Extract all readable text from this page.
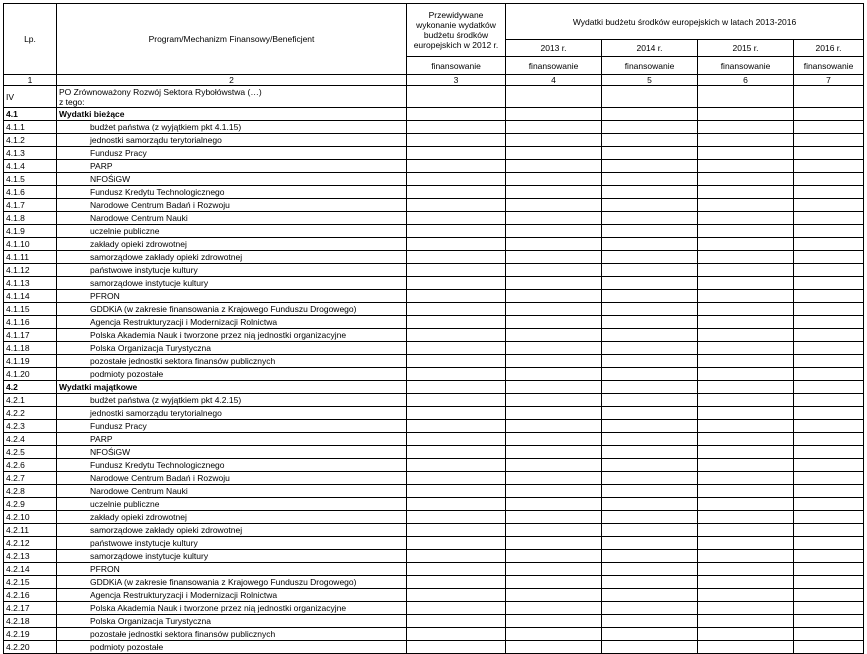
Lp.	Program/Mechanizm Finansowy/Beneficjent	Przewidywane wykonanie wydatków budżetu środków europejskich w 2012 r.	Wydatki budżetu środków europejskich w latach 2013-2016			
			2013 r.	2014 r.	2015 r.	2016 r.
		finansowanie	finansowanie	finansowanie	finansowanie	finansowanie
1	2	3	4	5	6	7
IV	PO Zrównoważony Rozwój Sektora Rybołówstwa (…)
z tego:					

4.1	Wydatki bieżące					
4.1.1	budżet państwa (z wyjątkiem pkt 4.1.15)					
4.1.2	jednostki samorządu terytorialnego					
4.1.3	Fundusz Pracy					
4.1.4	PARP					
4.1.5	NFOŚiGW					
4.1.6	Fundusz Kredytu Technologicznego					
4.1.7	Narodowe Centrum Badań i Rozwoju					
4.1.8	Narodowe Centrum Nauki					
4.1.9	uczelnie publiczne					
4.1.10	zakłady opieki zdrowotnej					
4.1.11	samorządowe zakłady opieki zdrowotnej					
4.1.12	państwowe instytucje kultury					
4.1.13	samorządowe instytucje kultury					
4.1.14	PFRON					
4.1.15	GDDKiA (w zakresie finansowania z Krajowego Funduszu Drogowego)					
4.1.16	Agencja Restrukturyzacji i Modernizacji Rolnictwa					
4.1.17	Polska Akademia Nauk i tworzone przez nią jednostki organizacyjne					
4.1.18	Polska Organizacja Turystyczna					
4.1.19	pozostałe jednostki sektora finansów publicznych					
4.1.20	podmioty pozostałe					
4.2	Wydatki majątkowe					
4.2.1	budżet państwa (z wyjątkiem pkt 4.2.15)					
4.2.2	jednostki samorządu terytorialnego					
4.2.3	Fundusz Pracy					
4.2.4	PARP					
4.2.5	NFOŚiGW					
4.2.6	Fundusz Kredytu Technologicznego					
4.2.7	Narodowe Centrum Badań i Rozwoju					
4.2.8	Narodowe Centrum Nauki					
4.2.9	uczelnie publiczne					
4.2.10	zakłady opieki zdrowotnej					
4.2.11	samorządowe zakłady opieki zdrowotnej					
4.2.12	państwowe instytucje kultury					
4.2.13	samorządowe instytucje kultury					
4.2.14	PFRON					
4.2.15	GDDKiA (w zakresie finansowania z Krajowego Funduszu Drogowego)					
4.2.16	Agencja Restrukturyzacji i Modernizacji Rolnictwa					
4.2.17	Polska Akademia Nauk i tworzone przez nią jednostki organizacyjne					
4.2.18	Polska Organizacja Turystyczna					
4.2.19	pozostałe jednostki sektora finansów publicznych					
4.2.20	podmioty pozostałe					
